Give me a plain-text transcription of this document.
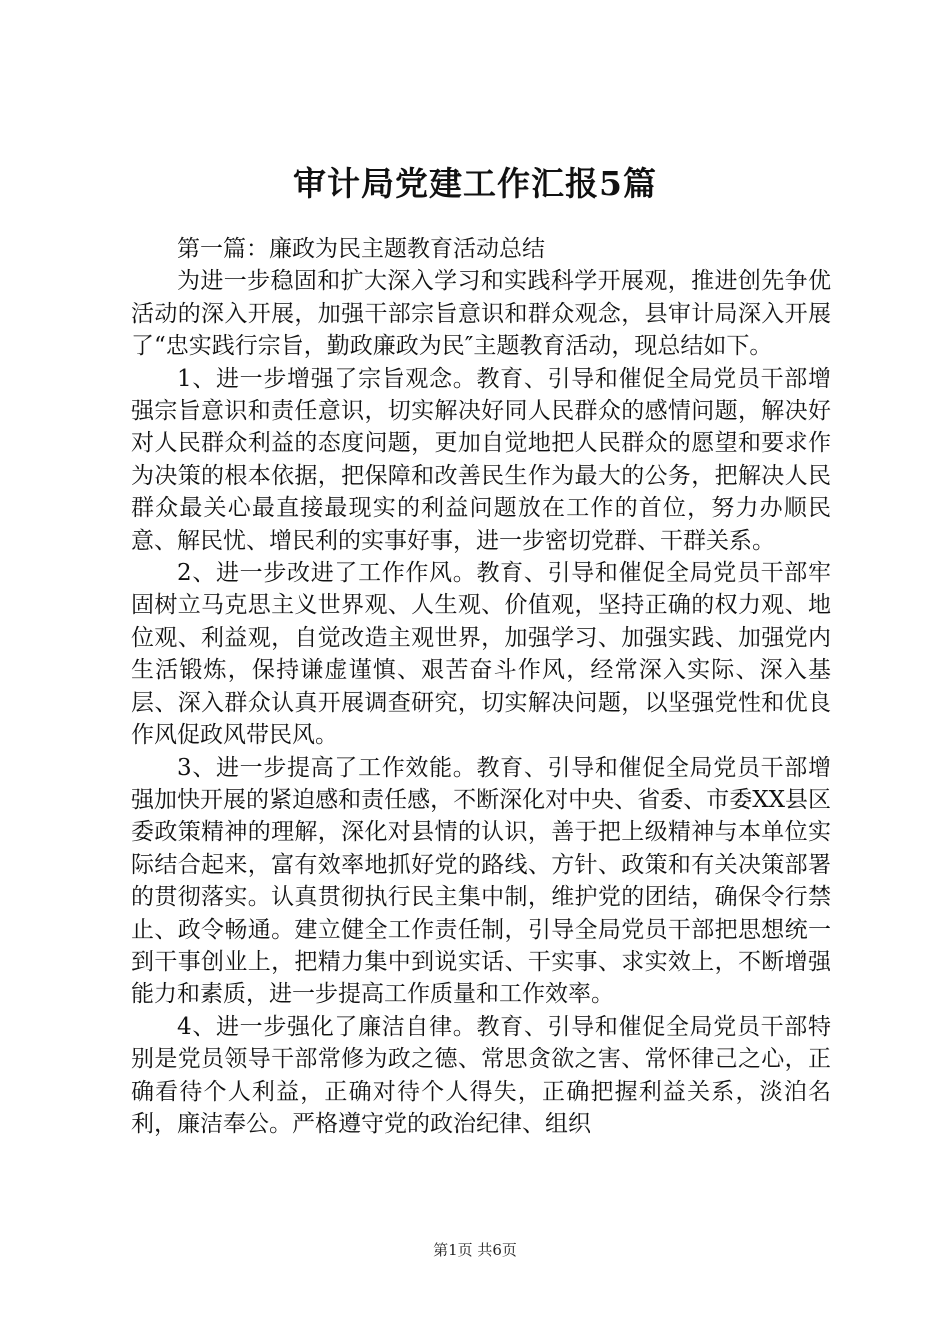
审计局党建工作汇报5篇

第一篇：廉政为民主题教育活动总结

为进一步稳固和扩大深入学习和实践科学开展观，推进创先争优活动的深入开展，加强干部宗旨意识和群众观念，县审计局深入开展了“忠实践行宗旨，勤政廉政为民″主题教育活动，现总结如下。

1、进一步增强了宗旨观念。教育、引导和催促全局党员干部增强宗旨意识和责任意识，切实解决好同人民群众的感情问题，解决好对人民群众利益的态度问题，更加自觉地把人民群众的愿望和要求作为决策的根本依据，把保障和改善民生作为最大的公务，把解决人民群众最关心最直接最现实的利益问题放在工作的首位，努力办顺民意、解民忧、增民利的实事好事，进一步密切党群、干群关系。

2、进一步改进了工作作风。教育、引导和催促全局党员干部牢固树立马克思主义世界观、人生观、价值观，坚持正确的权力观、地位观、利益观，自觉改造主观世界，加强学习、加强实践、加强党内生活锻炼，保持谦虚谨慎、艰苦奋斗作风，经常深入实际、深入基层、深入群众认真开展调查研究，切实解决问题，以坚强党性和优良作风促政风带民风。

3、进一步提高了工作效能。教育、引导和催促全局党员干部增强加快开展的紧迫感和责任感，不断深化对中央、省委、市委XX县区委政策精神的理解，深化对县情的认识，善于把上级精神与本单位实际结合起来，富有效率地抓好党的路线、方针、政策和有关决策部署的贯彻落实。认真贯彻执行民主集中制，维护党的团结，确保令行禁止、政令畅通。建立健全工作责任制，引导全局党员干部把思想统一到干事创业上，把精力集中到说实话、干实事、求实效上，不断增强能力和素质，进一步提高工作质量和工作效率。

4、进一步强化了廉洁自律。教育、引导和催促全局党员干部特别是党员领导干部常修为政之德、常思贪欲之害、常怀律己之心，正确看待个人利益，正确对待个人得失，正确把握利益关系，淡泊名利，廉洁奉公。严格遵守党的政治纪律、组织

第1页 共6页
